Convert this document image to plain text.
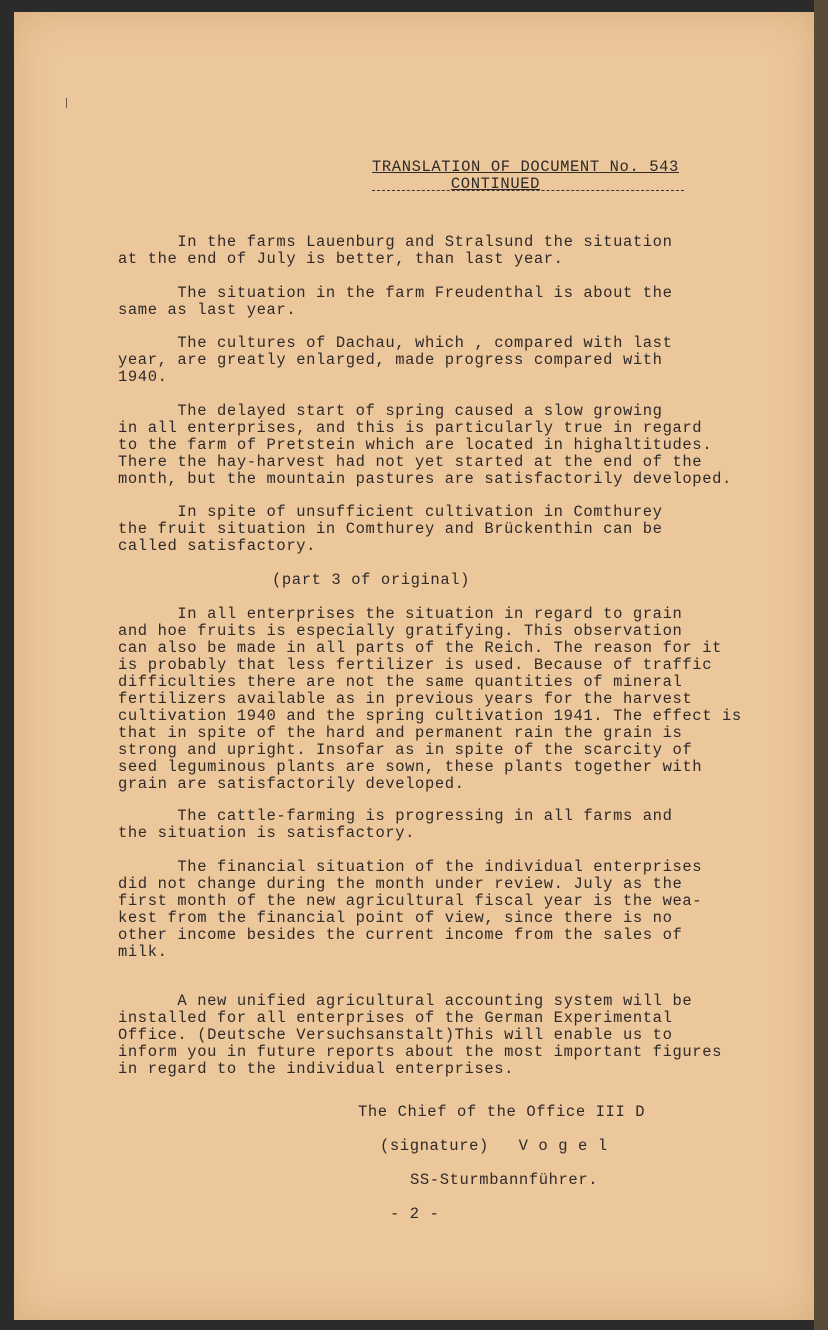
TRANSLATION OF DOCUMENT No. 543
CONTINUED
In the farms Lauenburg and Stralsund the situation
at the end of July is better, than last year.
The situation in the farm Freudenthal is about the
same as last year.
The cultures of Dachau, which , compared with last
year, are greatly enlarged, made progress compared with
1940.
The delayed start of spring caused a slow growing
in all enterprises, and this is particularly true in regard
to the farm of Pretstein which are located in highaltitudes.
There the hay-harvest had not yet started at the end of the
month, but the mountain pastures are satisfactorily developed.
In spite of unsufficient cultivation in Comthurey
the fruit situation in Comthurey and Brückenthin can be
called satisfactory.
(part 3 of original)
In all enterprises the situation in regard to grain
and hoe fruits is especially gratifying. This observation
can also be made in all parts of the Reich. The reason for it
is probably that less fertilizer is used. Because of traffic
difficulties there are not the same quantities of mineral
fertilizers available as in previous years for the harvest
cultivation 1940 and the spring cultivation 1941. The effect is
that in spite of the hard and permanent rain the grain is
strong and upright. Insofar as in spite of the scarcity of
seed leguminous plants are sown, these plants together with
grain are satisfactorily developed.
The cattle-farming is progressing in all farms and
the situation is satisfactory.
The financial situation of the individual enterprises
did not change during the month under review. July as the
first month of the new agricultural fiscal year is the wea-
kest from the financial point of view, since there is no
other income besides the current income from the sales of
milk.
A new unified agricultural accounting system will be
installed for all enterprises of the German Experimental
Office. (Deutsche Versuchsanstalt)This will enable us to
inform you in future reports about the most important figures
in regard to the individual enterprises.
The Chief of the Office III D
(signature)   V o g e l
SS-Sturmbannführer.
- 2 -
